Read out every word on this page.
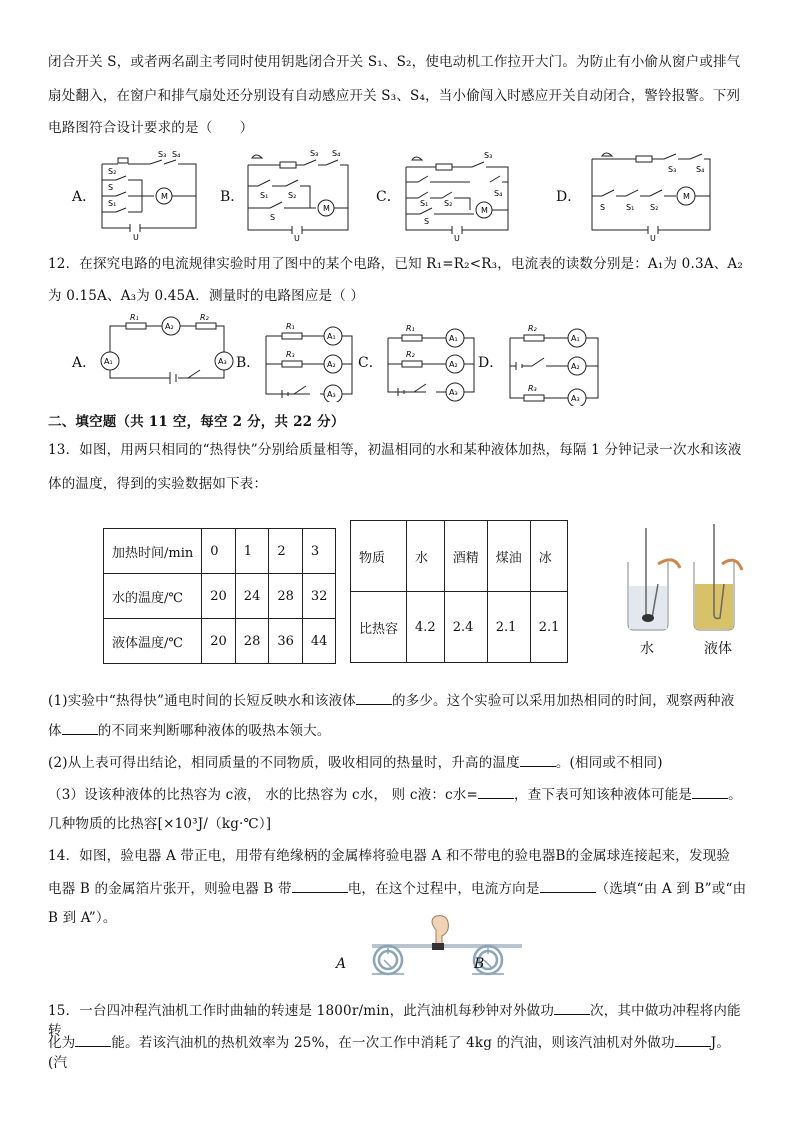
闭合开关 S，或者两名副主考同时使用钥匙闭合开关 S₁、S₂，使电动机工作拉开大门。为防止有小偷从窗户或排气
扇处翻入，在窗户和排气扇处还分别设有自动感应开关 S₃、S₄，当小偷闯入时感应开关自动闭合，警铃报警。下列
电路图符合设计要求的是（　　）
A．	B．	C．	D．
S₃ S₄
S₂
S
S₁
M
U
S₃ S₄
S₁ S₂
S
M
U
S₃
S₄
S₁ S₂
S
M
U
S₃ S₄
S	S₁ S₂
M
U
12．在探究电路的电流规律实验时用了图中的某个电路，已知 R₁=R₂<R₃，电流表的读数分别是：A₁为 0.3A、A₂
为 0.15A、A₃为 0.45A．测量时的电路图应是（ ）
A．	B．	C．	D．
R₁	R₂
A₂
A₁	A₃
R₁
R₃
A₁
A₂
A₃
R₁
R₂
A₁
A₂
A₃
R₂
R₃
A₁
A₂
A₃
二、填空题（共 11 空，每空 2 分，共 22 分）
13．如图，用两只相同的“热得快”分别给质量相等，初温相同的水和某种液体加热，每隔 1 分钟记录一次水和该液
体的温度，得到的实验数据如下表：
加热时间/min	0	1	2	3
水的温度/℃	20	24	28	32
液体温度/℃	20	28	36	44
物质	水	酒精	煤油	冰
比热容	4.2	2.4	2.1	2.1
水	液体
(1)实验中“热得快”通电时间的长短反映水和该液体	的多少。这个实验可以采用加热相同的时间，观察两种液
体	的不同来判断哪种液体的吸热本领大。
(2)从上表可得出结论，相同质量的不同物质，吸收相同的热量时，升高的温度	。(相同或不相同)
（3）设该种液体的比热容为 c液， 水的比热容为 c水， 则 c液：c水=	，查下表可知该种液体可能是	。
几种物质的比热容[×10³J/（kg·℃）]
14．如图，验电器 A 带正电，用带有绝缘柄的金属棒将验电器 A 和不带电的验电器B的金属球连接起来，发现验
电器 B 的金属箔片张开，则验电器 B 带	电，在这个过程中，电流方向是	（选填“由 A 到 B”或“由
B 到 A”）。
A	B
15．一台四冲程汽油机工作时曲轴的转速是 1800r/min，此汽油机每秒钟对外做功	次，其中做功冲程将内能转
化为	能。若该汽油机的热机效率为 25%，在一次工作中消耗了 4kg 的汽油，则该汽油机对外做功	J。(汽
